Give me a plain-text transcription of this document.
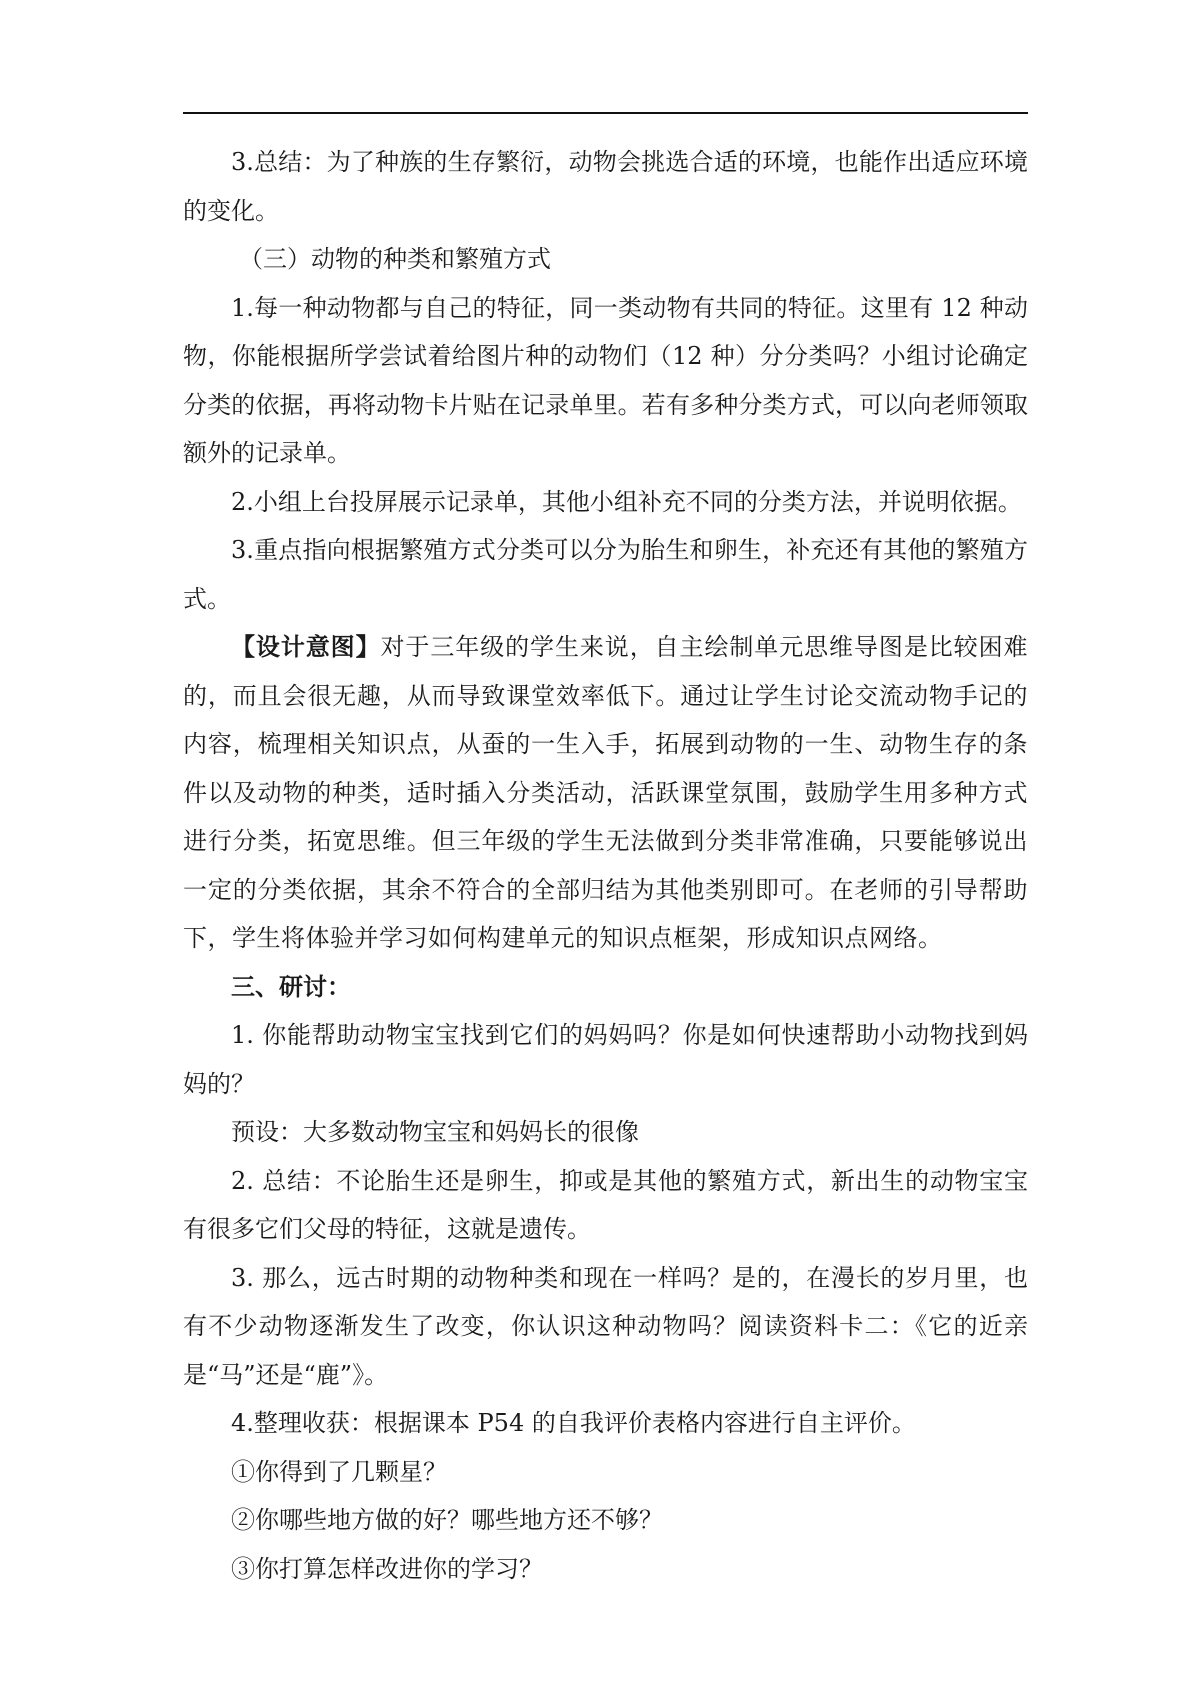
3.总结：为了种族的生存繁衍，动物会挑选合适的环境，也能作出适应环境的变化。

（三）动物的种类和繁殖方式

1.每一种动物都与自己的特征，同一类动物有共同的特征。这里有 12 种动物，你能根据所学尝试着给图片种的动物们（12 种）分分类吗？小组讨论确定分类的依据，再将动物卡片贴在记录单里。若有多种分类方式，可以向老师领取额外的记录单。

2.小组上台投屏展示记录单，其他小组补充不同的分类方法，并说明依据。

3.重点指向根据繁殖方式分类可以分为胎生和卵生，补充还有其他的繁殖方式。

【设计意图】对于三年级的学生来说，自主绘制单元思维导图是比较困难的，而且会很无趣，从而导致课堂效率低下。通过让学生讨论交流动物手记的内容，梳理相关知识点，从蚕的一生入手，拓展到动物的一生、动物生存的条件以及动物的种类，适时插入分类活动，活跃课堂氛围，鼓励学生用多种方式进行分类，拓宽思维。但三年级的学生无法做到分类非常准确，只要能够说出一定的分类依据，其余不符合的全部归结为其他类别即可。在老师的引导帮助下，学生将体验并学习如何构建单元的知识点框架，形成知识点网络。

三、研讨：

1. 你能帮助动物宝宝找到它们的妈妈吗？你是如何快速帮助小动物找到妈妈的？

预设：大多数动物宝宝和妈妈长的很像

2. 总结：不论胎生还是卵生，抑或是其他的繁殖方式，新出生的动物宝宝有很多它们父母的特征，这就是遗传。

3. 那么，远古时期的动物种类和现在一样吗？是的，在漫长的岁月里，也有不少动物逐渐发生了改变，你认识这种动物吗？阅读资料卡二：《它的近亲是“马”还是“鹿”》。

4.整理收获：根据课本 P54 的自我评价表格内容进行自主评价。

①你得到了几颗星？

②你哪些地方做的好？哪些地方还不够？

③你打算怎样改进你的学习？
